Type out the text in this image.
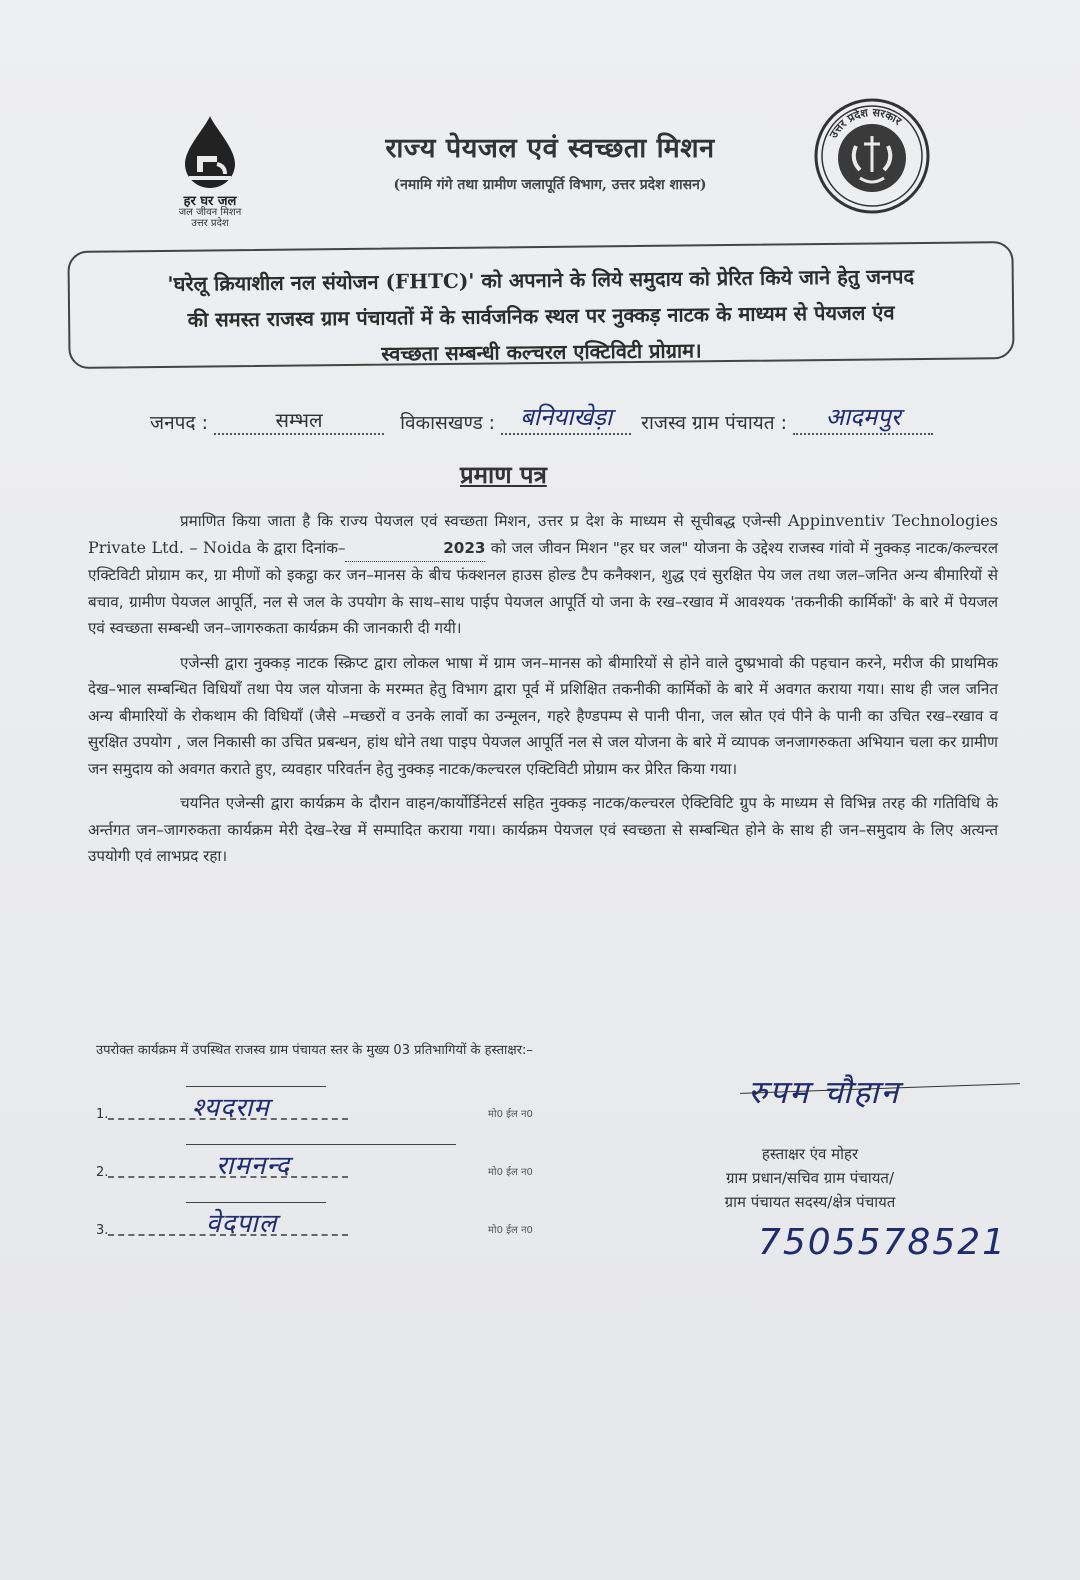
हर घर जल
जल जीवन मिशन
उत्तर प्रदेश
राज्य पेयजल एवं स्वच्छता मिशन
(नमामि गंगे तथा ग्रामीण जलापूर्ति विभाग, उत्तर प्रदेश शासन)
उत्तर प्रदेश सरकार
'घरेलू क्रियाशील नल संयोजन (FHTC)' को अपनाने के लिये समुदाय को प्रेरित किये जाने हेतु जनपद
की समस्त राजस्व ग्राम पंचायतों में के सार्वजनिक स्थल पर नुक्कड़ नाटक के माध्यम से पेयजल एंव
स्वच्छता सम्बन्धी कल्चरल एक्टिविटी प्रोग्राम।
जनपद :	सम्भल	विकासखण्ड : बनियाखेड़ा राजस्व ग्राम पंचायत : आदमपुर
प्रमाण पत्र

प्रमाणित किया जाता है कि राज्य पेयजल एवं स्वच्छता मिशन, उत्तर प्र देश के माध्यम से सूचीबद्ध एजेन्सी Appinventiv Technologies Private Ltd. – Noida के द्वारा दिनांक–	2023 को जल जीवन मिशन "हर घर जल" योजना के उद्देश्य राजस्व गांवो में नुक्कड़ नाटक/कल्चरल एक्टिविटी प्रोग्राम कर, ग्रा मीणों को इकट्ठा कर जन–मानस के बीच फंक्शनल हाउस होल्ड टैप कनैक्शन, शुद्ध एवं सुरक्षित पेय जल तथा जल–जनित अन्य बीमारियों से बचाव, ग्रामीण पेयजल आपूर्ति, नल से जल के उपयोग के साथ–साथ पाईप पेयजल आपूर्ति यो जना के रख–रखाव में आवश्यक 'तकनीकी कार्मिकों' के बारे में पेयजल एवं स्वच्छता सम्बन्धी जन–जागरुकता कार्यक्रम की जानकारी दी गयी।

एजेन्सी द्वारा नुक्कड़ नाटक स्क्रिप्ट द्वारा लोकल भाषा में ग्राम जन–मानस को बीमारियों से होने वाले दुष्प्रभावो की पहचान करने, मरीज की प्राथमिक देख–भाल सम्बन्धित विधियाँ तथा पेय जल योजना के मरम्मत हेतु विभाग द्वारा पूर्व में प्रशिक्षित तकनीकी कार्मिकों के बारे में अवगत कराया गया। साथ ही जल जनित अन्य बीमारियों के रोकथाम की विधियाँ (जैसे –मच्छरों व उनके लार्वो का उन्मूलन, गहरे हैण्डपम्प से पानी पीना, जल स्रोत एवं पीने के पानी का उचित रख–रखाव व सुरक्षित उपयोग , जल निकासी का उचित प्रबन्धन, हांथ धोने तथा पाइप पेयजल आपूर्ति नल से जल योजना के बारे में व्यापक जनजागरुकता अभियान चला कर ग्रामीण जन समुदाय को अवगत कराते हुए, व्यवहार परिवर्तन हेतु नुक्कड़ नाटक/कल्चरल एक्टिविटी प्रोग्राम कर प्रेरित किया गया।

चयनित एजेन्सी द्वारा कार्यक्रम के दौरान वाहन/कार्योर्डिनेटर्स सहित नुक्कड़ नाटक/कल्चरल ऐक्टिविटि ग्रुप के माध्यम से विभिन्न तरह की गतिविधि के अर्न्तगत जन–जागरुकता कार्यक्रम मेरी देख–रेख में सम्पादित कराया गया। कार्यक्रम पेयजल एवं स्वच्छता से सम्बन्धित होने के साथ ही जन–समुदाय के लिए अत्यन्त उपयोगी एवं लाभप्रद रहा।

उपरोक्त कार्यक्रम में उपस्थित राजस्व ग्राम पंचायत स्तर के मुख्य 03 प्रतिभागियों के हस्ताक्षर:–
1.	श्यदराम	मो0 ईल न0
2.	रामनन्द	मो0 ईल न0
3.	वेदपाल	मो0 ईल न0
रुपम चौहान
हस्ताक्षर एंव मोहर
ग्राम प्रधान/सचिव ग्राम पंचायत/
ग्राम पंचायत सदस्य/क्षेत्र पंचायत
7505578521
